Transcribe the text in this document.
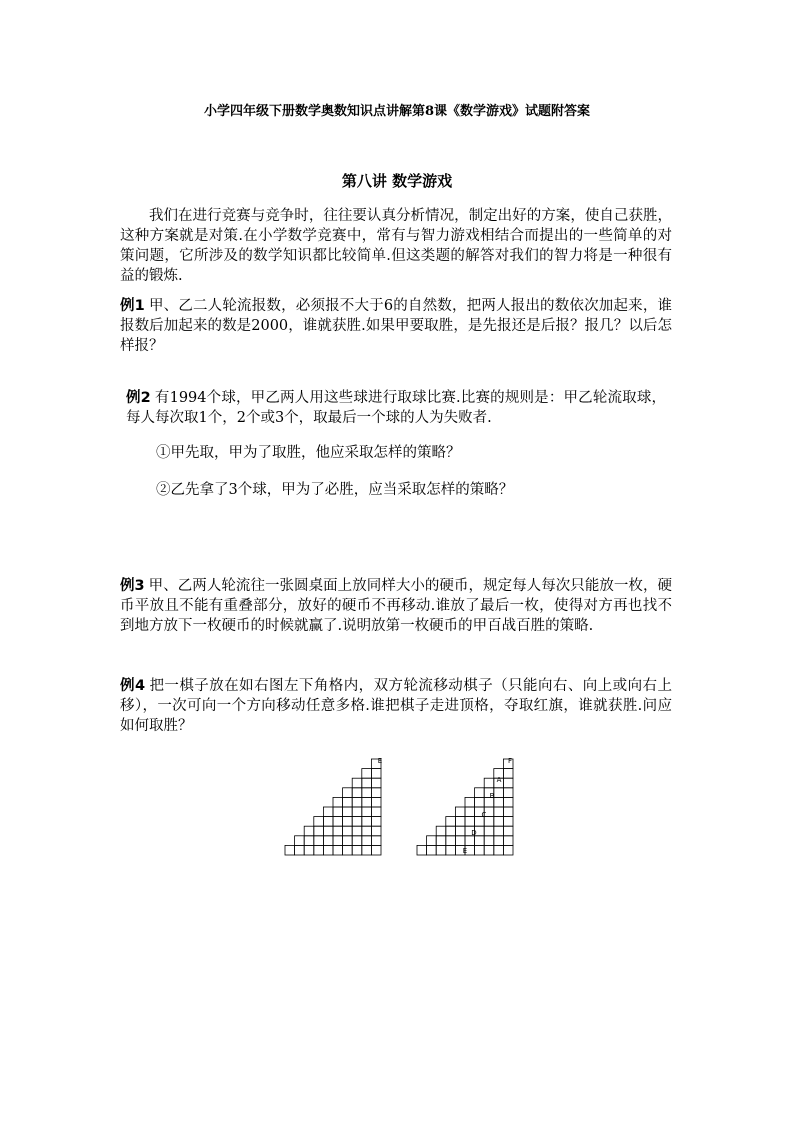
小学四年级下册数学奥数知识点讲解第8课《数学游戏》试题附答案
第八讲 数学游戏
我们在进行竞赛与竞争时，往往要认真分析情况，制定出好的方案，使自己获胜，这种方案就是对策.在小学数学竞赛中，常有与智力游戏相结合而提出的一些简单的对策问题，它所涉及的数学知识都比较简单.但这类题的解答对我们的智力将是一种很有益的锻炼.
例1 甲、乙二人轮流报数，必须报不大于6的自然数，把两人报出的数依次加起来，谁报数后加起来的数是2000，谁就获胜.如果甲要取胜，是先报还是后报？报几？以后怎样报？
例2 有1994个球，甲乙两人用这些球进行取球比赛.比赛的规则是：甲乙轮流取球，每人每次取1个，2个或3个，取最后一个球的人为失败者.
①甲先取，甲为了取胜，他应采取怎样的策略？
②乙先拿了3个球，甲为了必胜，应当采取怎样的策略？
例3 甲、乙两人轮流往一张圆桌面上放同样大小的硬币，规定每人每次只能放一枚，硬币平放且不能有重叠部分，放好的硬币不再移动.谁放了最后一枚，使得对方再也找不到地方放下一枚硬币的时候就赢了.说明放第一枚硬币的甲百战百胜的策略.
例4 把一棋子放在如右图左下角格内，双方轮流移动棋子（只能向右、向上或向右上移），一次可向一个方向移动任意多格.谁把棋子走进顶格，夺取红旗，谁就获胜.问应如何取胜？
E	F
A
B
C
D
E
